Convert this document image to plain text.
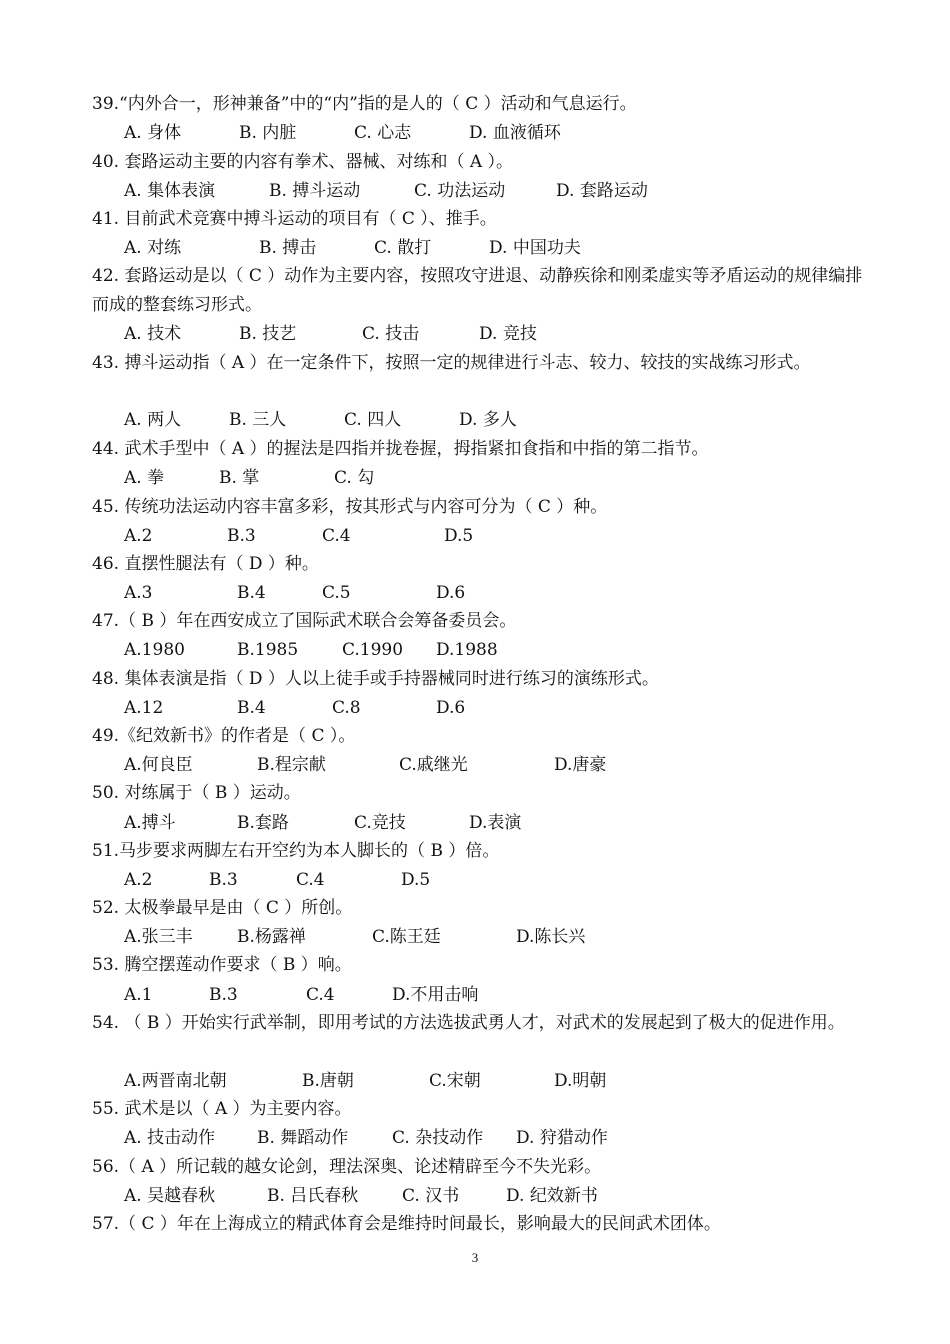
39.“内外合一，形神兼备”中的“内”指的是人的（ C ）活动和气息运行。
A. 身体	B. 内脏	C. 心志	D. 血液循环
40. 套路运动主要的内容有拳术、器械、对练和（ A ）。
A. 集体表演	B. 搏斗运动	C. 功法运动	D. 套路运动
41. 目前武术竞赛中搏斗运动的项目有（ C ）、推手。
A. 对练	B. 搏击	C. 散打	D. 中国功夫
42. 套路运动是以（ C ）动作为主要内容，按照攻守进退、动静疾徐和刚柔虚实等矛盾运动的规律编排而成的整套练习形式。
A. 技术	B. 技艺	C. 技击	D. 竞技
43. 搏斗运动指（ A ）在一定条件下，按照一定的规律进行斗志、较力、较技的实战练习形式。
A. 两人	B. 三人	C. 四人	D. 多人
44. 武术手型中（ A ）的握法是四指并拢卷握，拇指紧扣食指和中指的第二指节。
A. 拳	B. 掌	C. 勾
45. 传统功法运动内容丰富多彩，按其形式与内容可分为（ C ）种。
A.2	B.3	C.4	D.5
46. 直摆性腿法有（ D ）种。
A.3	B.4	C.5	D.6
47.（ B ）年在西安成立了国际武术联合会筹备委员会。
A.1980	B.1985	C.1990 D.1988
48. 集体表演是指（ D ）人以上徒手或手持器械同时进行练习的演练形式。
A.12	B.4	C.8	D.6
49.《纪效新书》的作者是（ C ）。
A.何良臣	B.程宗献	C.戚继光	D.唐豪
50. 对练属于（ B ）运动。
A.搏斗	B.套路	C.竞技	D.表演
51.马步要求两脚左右开空约为本人脚长的（ B ）倍。
A.2	B.3	C.4	D.5
52. 太极拳最早是由（ C ）所创。
A.张三丰	B.杨露禅	C.陈王廷	D.陈长兴
53. 腾空摆莲动作要求（ B ）响。
A.1	B.3	C.4	D.不用击响
54. （ B ）开始实行武举制，即用考试的方法选拔武勇人才，对武术的发展起到了极大的促进作用。
A.两晋南北朝	B.唐朝	C.宋朝	D.明朝
55. 武术是以（ A ）为主要内容。
A. 技击动作 B. 舞蹈动作	C. 杂技动作 D. 狩猎动作
56.（ A ）所记载的越女论剑，理法深奥、论述精辟至今不失光彩。
A. 吴越春秋	B. 吕氏春秋	C. 汉书	D. 纪效新书
57.（ C ）年在上海成立的精武体育会是维持时间最长，影响最大的民间武术团体。
3
